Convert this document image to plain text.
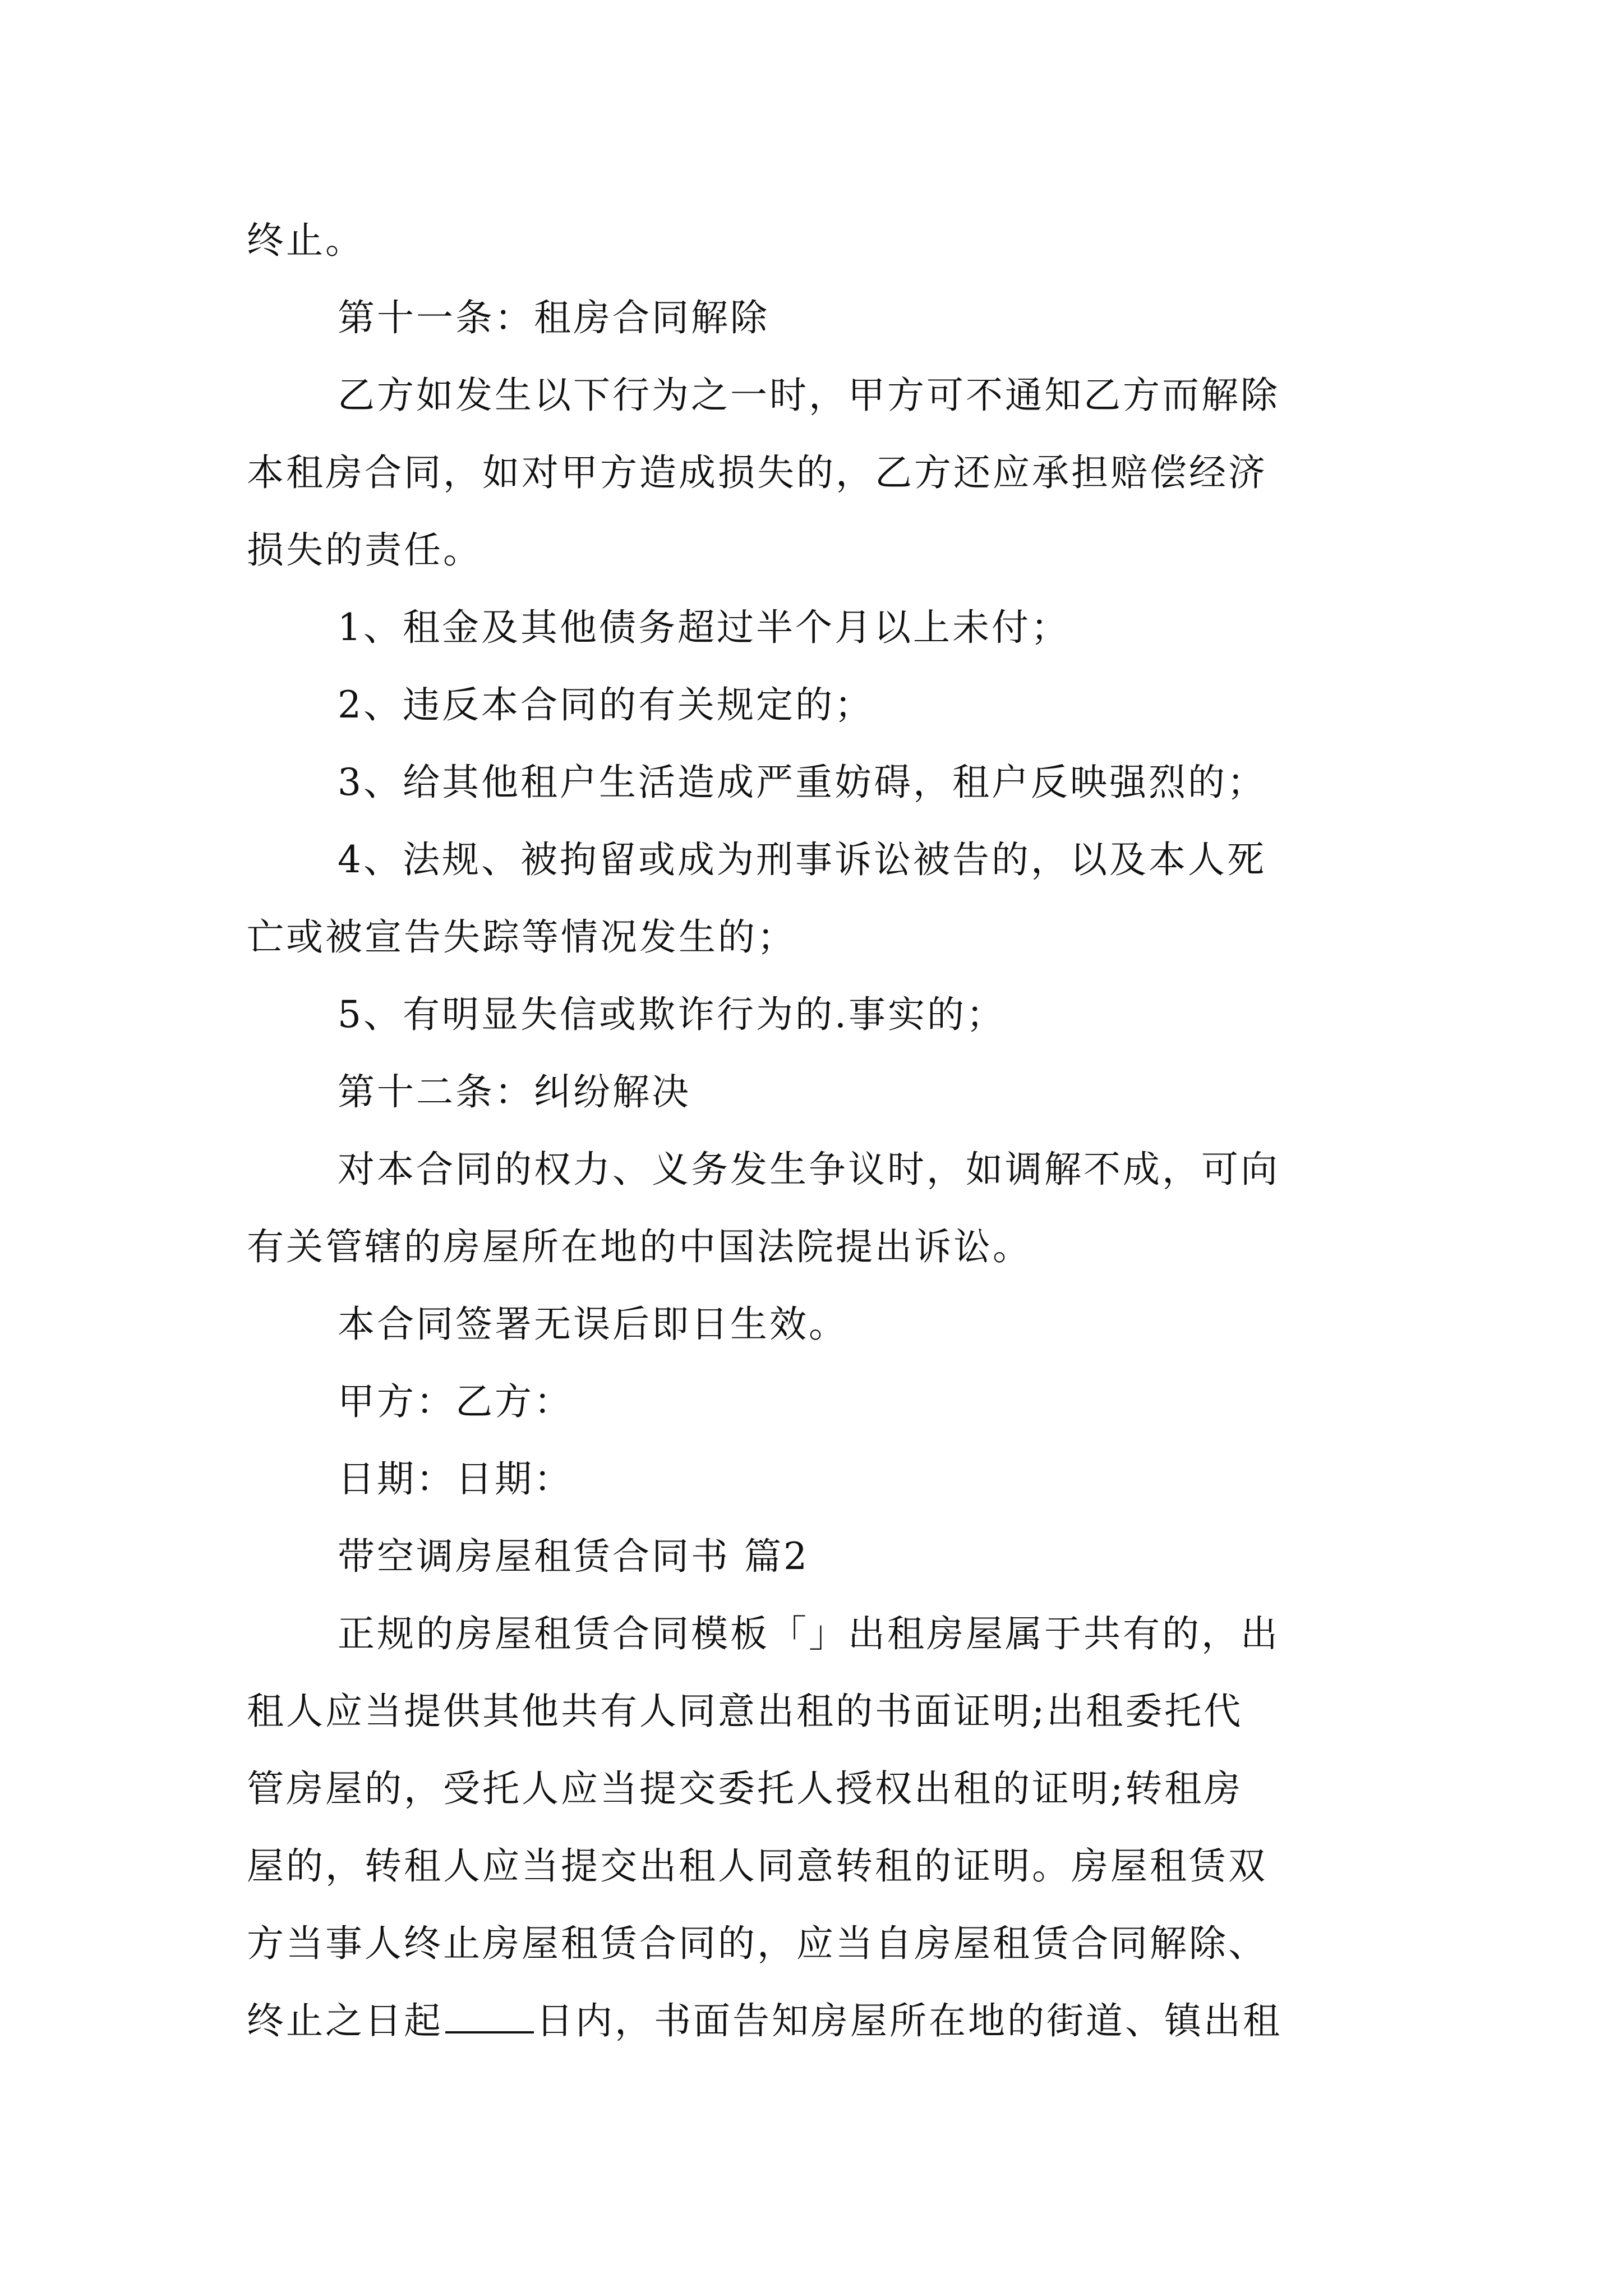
终止。
第十一条：租房合同解除
乙方如发生以下行为之一时，甲方可不通知乙方而解除
本租房合同，如对甲方造成损失的，乙方还应承担赔偿经济
损失的责任。
1、租金及其他债务超过半个月以上未付；
2、违反本合同的有关规定的；
3、给其他租户生活造成严重妨碍，租户反映强烈的；
4、法规、被拘留或成为刑事诉讼被告的，以及本人死
亡或被宣告失踪等情况发生的；
5、有明显失信或欺诈行为的.事实的；
第十二条：纠纷解决
对本合同的权力、义务发生争议时，如调解不成，可向
有关管辖的房屋所在地的中国法院提出诉讼。
本合同签署无误后即日生效。
甲方：乙方：
日期：日期：
带空调房屋租赁合同书 篇2
正规的房屋租赁合同模板「」出租房屋属于共有的，出
租人应当提供其他共有人同意出租的书面证明;出租委托代
管房屋的，受托人应当提交委托人授权出租的证明;转租房
屋的，转租人应当提交出租人同意转租的证明。房屋租赁双
方当事人终止房屋租赁合同的，应当自房屋租赁合同解除、
终止之日起	日内，书面告知房屋所在地的街道、镇出租
